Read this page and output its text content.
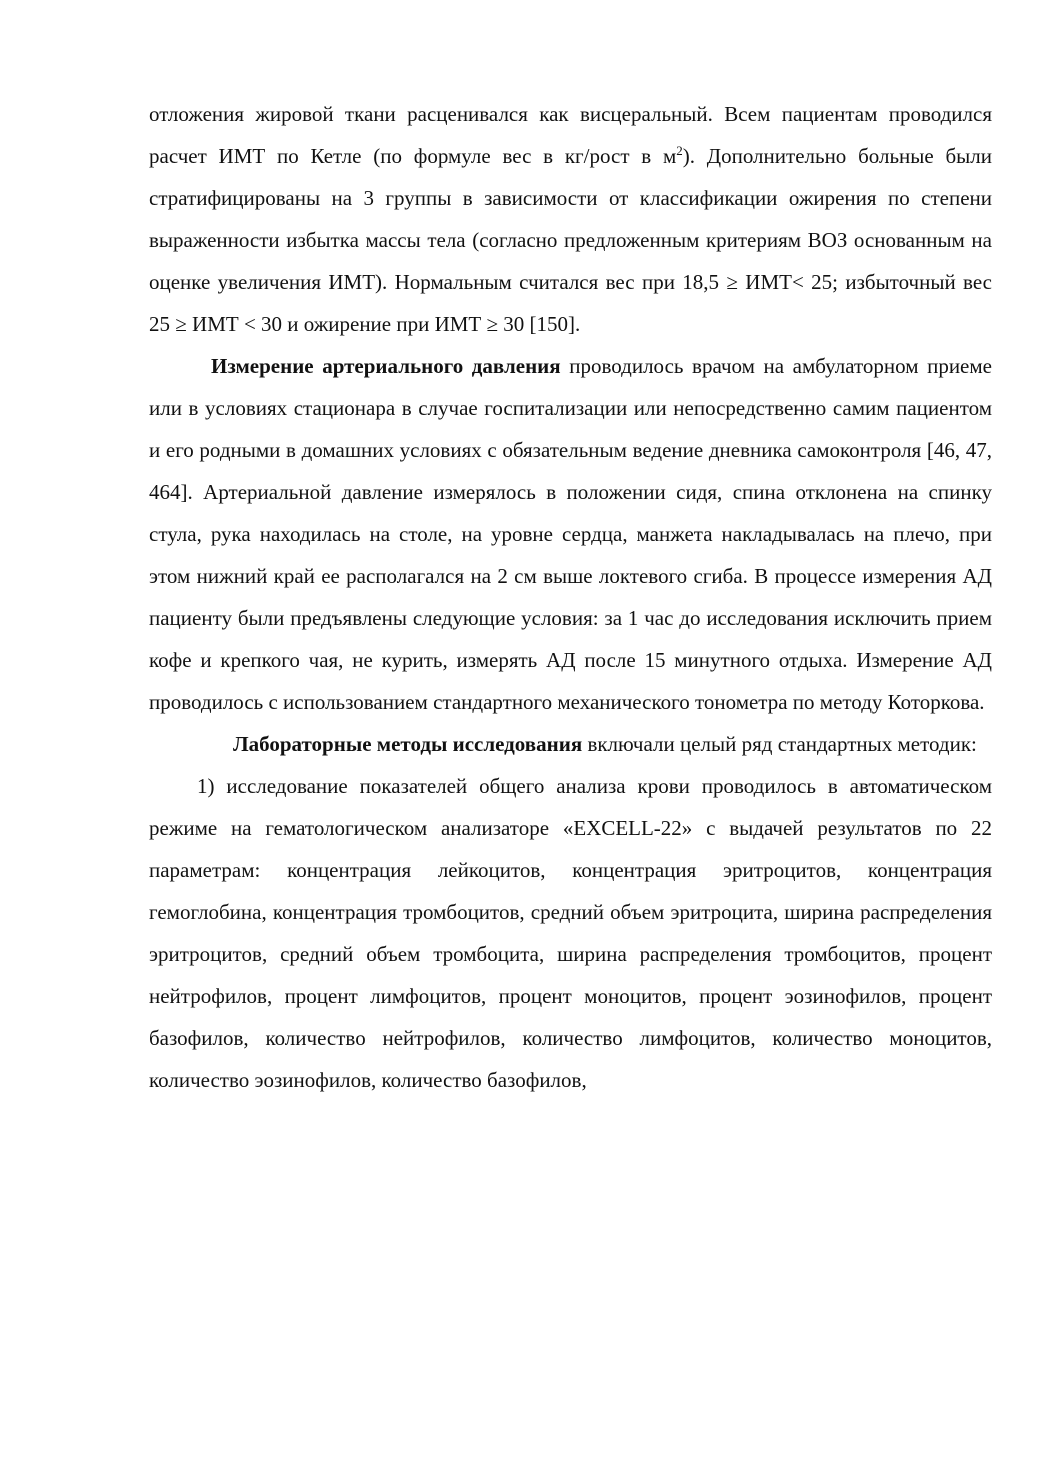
отложения жировой ткани расценивался как висцеральный. Всем пациентам проводился расчет ИМТ по Кетле (по формуле вес в кг/рост в $м^2$). Дополнительно больные были стратифицированы на 3 группы в зависимости от классификации ожирения по степени выраженности избытка массы тела (согласно предложенным критериям ВОЗ основанным на оценке увеличения ИМТ). Нормальным считался вес при 18,5 ≥ ИМТ< 25; избыточный вес 25 ≥ ИМТ < 30 и ожирение при ИМТ ≥ 30 [150].

Измерение артериального давления проводилось врачом на амбулаторном приеме или в условиях стационара в случае госпитализации или непосредственно самим пациентом и его родными в домашних условиях с обязательным ведение дневника самоконтроля [46, 47, 464]. Артериальной давление измерялось в положении сидя, спина отклонена на спинку стула, рука находилась на столе, на уровне сердца, манжета накладывалась на плечо, при этом нижний край ее располагался на 2 см выше локтевого сгиба. В процессе измерения АД пациенту были предъявлены следующие условия: за 1 час до исследования исключить прием кофе и крепкого чая, не курить, измерять АД после 15 минутного отдыха. Измерение АД проводилось с использованием стандартного механического тонометра по методу Которкова.

Лабораторные методы исследования включали целый ряд стандартных методик:

1) исследование показателей общего анализа крови проводилось в автоматическом режиме на гематологическом анализаторе «EXCELL-22» с выдачей результатов по 22 параметрам: концентрация лейкоцитов, концентрация эритроцитов, концентрация гемоглобина, концентрация тромбоцитов, средний объем эритроцита, ширина распределения эритроцитов, средний объем тромбоцита, ширина распределения тромбоцитов, процент нейтрофилов, процент лимфоцитов, процент моноцитов, процент эозинофилов, процент базофилов, количество нейтрофилов, количество лимфоцитов, количество моноцитов, количество эозинофилов, количество базофилов,
